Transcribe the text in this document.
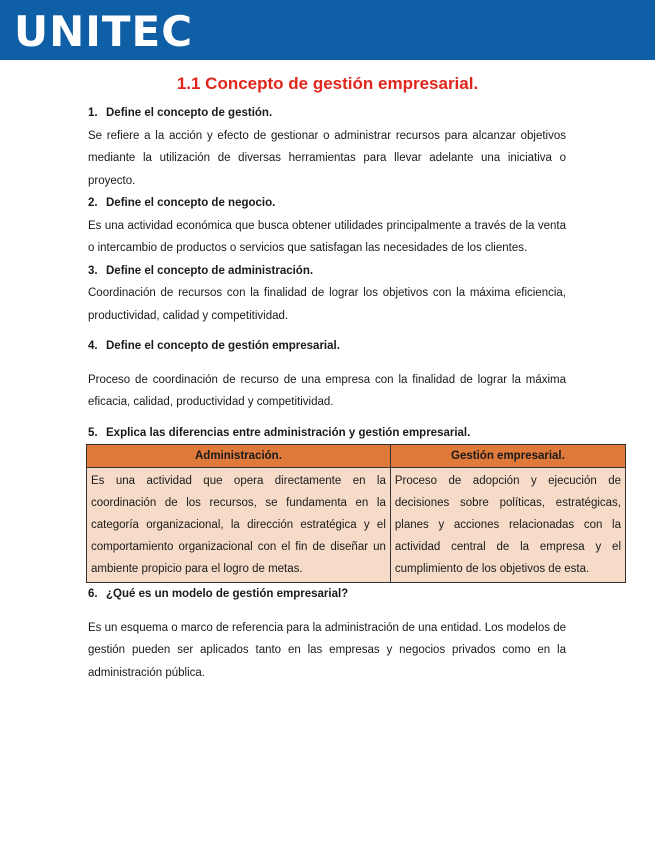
UNITEC
1.1 Concepto de gestión empresarial.

1. Define el concepto de gestión.

Se refiere a la acción y efecto de gestionar o administrar recursos para alcanzar objetivos mediante la utilización de diversas herramientas para llevar adelante una iniciativa o proyecto.

2. Define el concepto de negocio.

Es una actividad económica que busca obtener utilidades principalmente a través de la venta o intercambio de productos o servicios que satisfagan las necesidades de los clientes.

3. Define el concepto de administración.

Coordinación de recursos con la finalidad de lograr los objetivos con la máxima eficiencia, productividad, calidad y competitividad.

4. Define el concepto de gestión empresarial.

Proceso de coordinación de recurso de una empresa con la finalidad de lograr la máxima eficacia, calidad, productividad y competitividad.

5. Explica las diferencias entre administración y gestión empresarial.

Administración.	Gestión empresarial.
Es una actividad que opera directamente en la coordinación de los recursos, se fundamenta en la categoría organizacional, la dirección estratégica y el comportamiento organizacional con el fin de diseñar un ambiente propicio para el logro de metas.	Proceso de adopción y ejecución de decisiones sobre políticas, estratégicas, planes y acciones relacionadas con la actividad central de la empresa y el cumplimiento de los objetivos de esta.

6. ¿Qué es un modelo de gestión empresarial?

Es un esquema o marco de referencia para la administración de una entidad. Los modelos de gestión pueden ser aplicados tanto en las empresas y negocios privados como en la administración pública.
